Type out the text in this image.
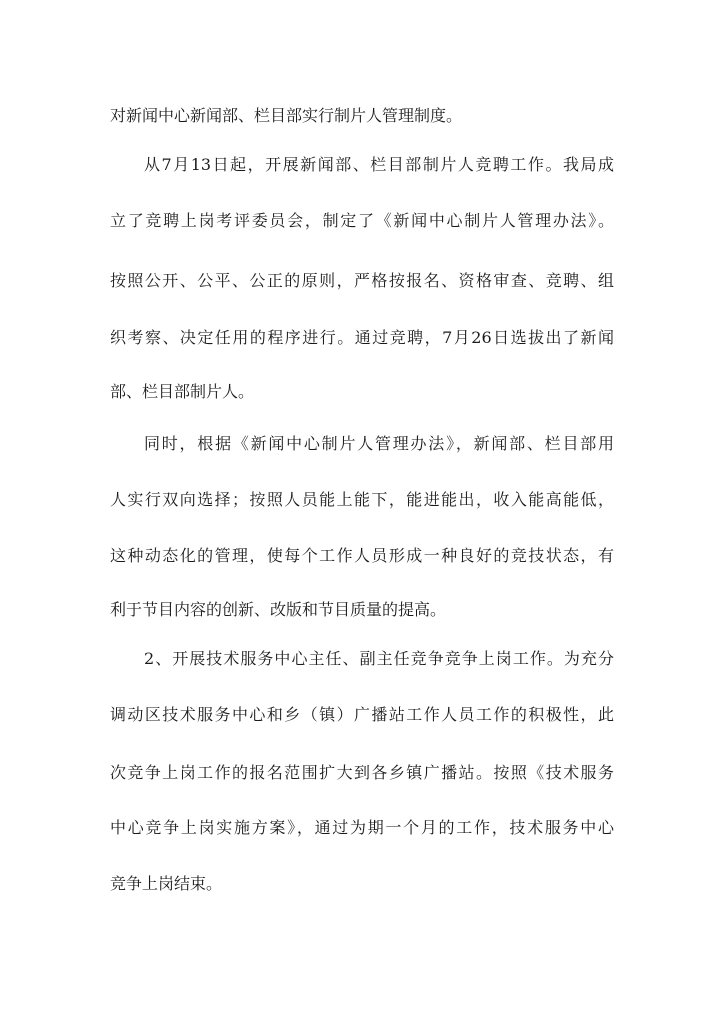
对新闻中心新闻部、栏目部实行制片人管理制度。
从7月13日起，开展新闻部、栏目部制片人竞聘工作。我局成
立了竞聘上岗考评委员会，制定了《新闻中心制片人管理办法》。
按照公开、公平、公正的原则，严格按报名、资格审查、竞聘、组
织考察、决定任用的程序进行。通过竞聘，7月26日选拔出了新闻
部、栏目部制片人。
同时，根据《新闻中心制片人管理办法》，新闻部、栏目部用
人实行双向选择；按照人员能上能下，能进能出，收入能高能低，
这种动态化的管理，使每个工作人员形成一种良好的竞技状态，有
利于节目内容的创新、改版和节目质量的提高。
2、开展技术服务中心主任、副主任竞争竞争上岗工作。为充分
调动区技术服务中心和乡（镇）广播站工作人员工作的积极性，此
次竞争上岗工作的报名范围扩大到各乡镇广播站。按照《技术服务
中心竞争上岗实施方案》，通过为期一个月的工作，技术服务中心
竞争上岗结束。
